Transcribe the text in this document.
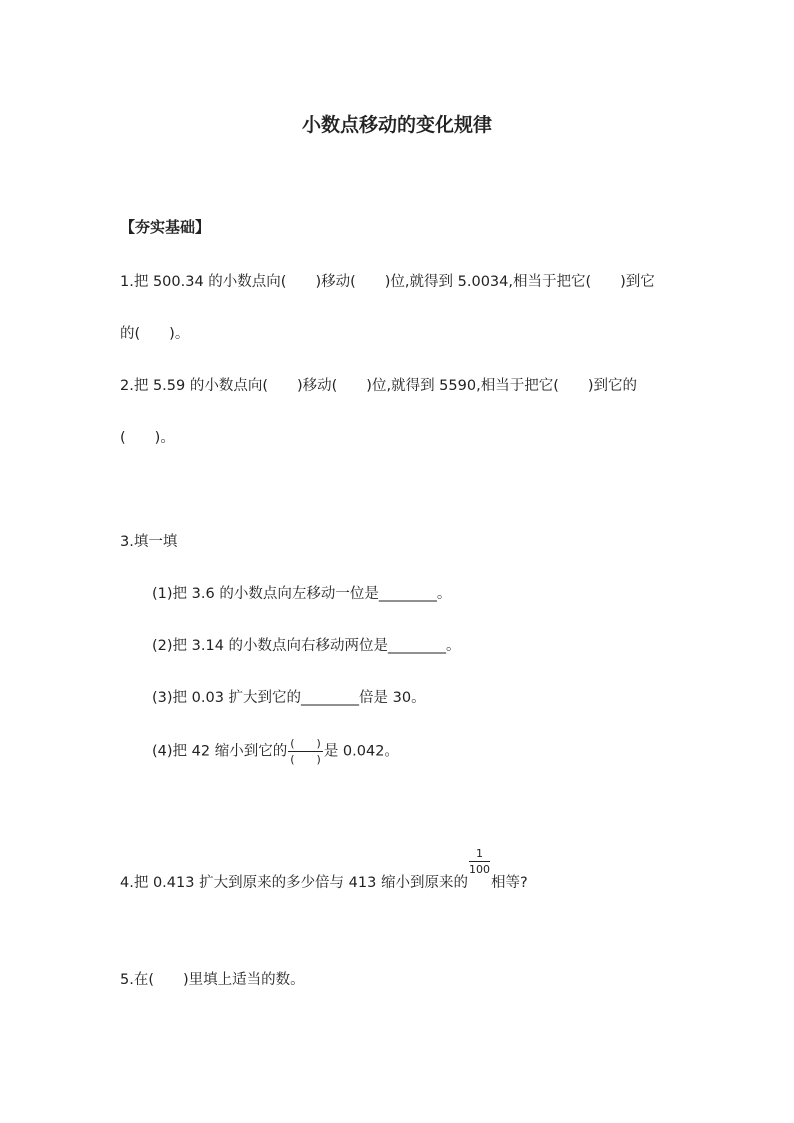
小数点移动的变化规律
【夯实基础】
1.把 500.34 的小数点向(　　)移动(　　)位,就得到 5.0034,相当于把它(　　)到它
的(　　)。
2.把 5.59 的小数点向(　　)移动(　　)位,就得到 5590,相当于把它(　　)到它的
(　　)。
3.填一填
(1)把 3.6 的小数点向左移动一位是________。
(2)把 3.14 的小数点向右移动两位是________。
(3)把 0.03 扩大到它的________倍是 30。
(4)把 42 缩小到它的 $\frac{( )}{( )}$ 是 0.042。
4.把 0.413 扩大到原来的多少倍与 413 缩小到原来的
$\frac{1}{100}$
相等?
5.在(　　)里填上适当的数。
